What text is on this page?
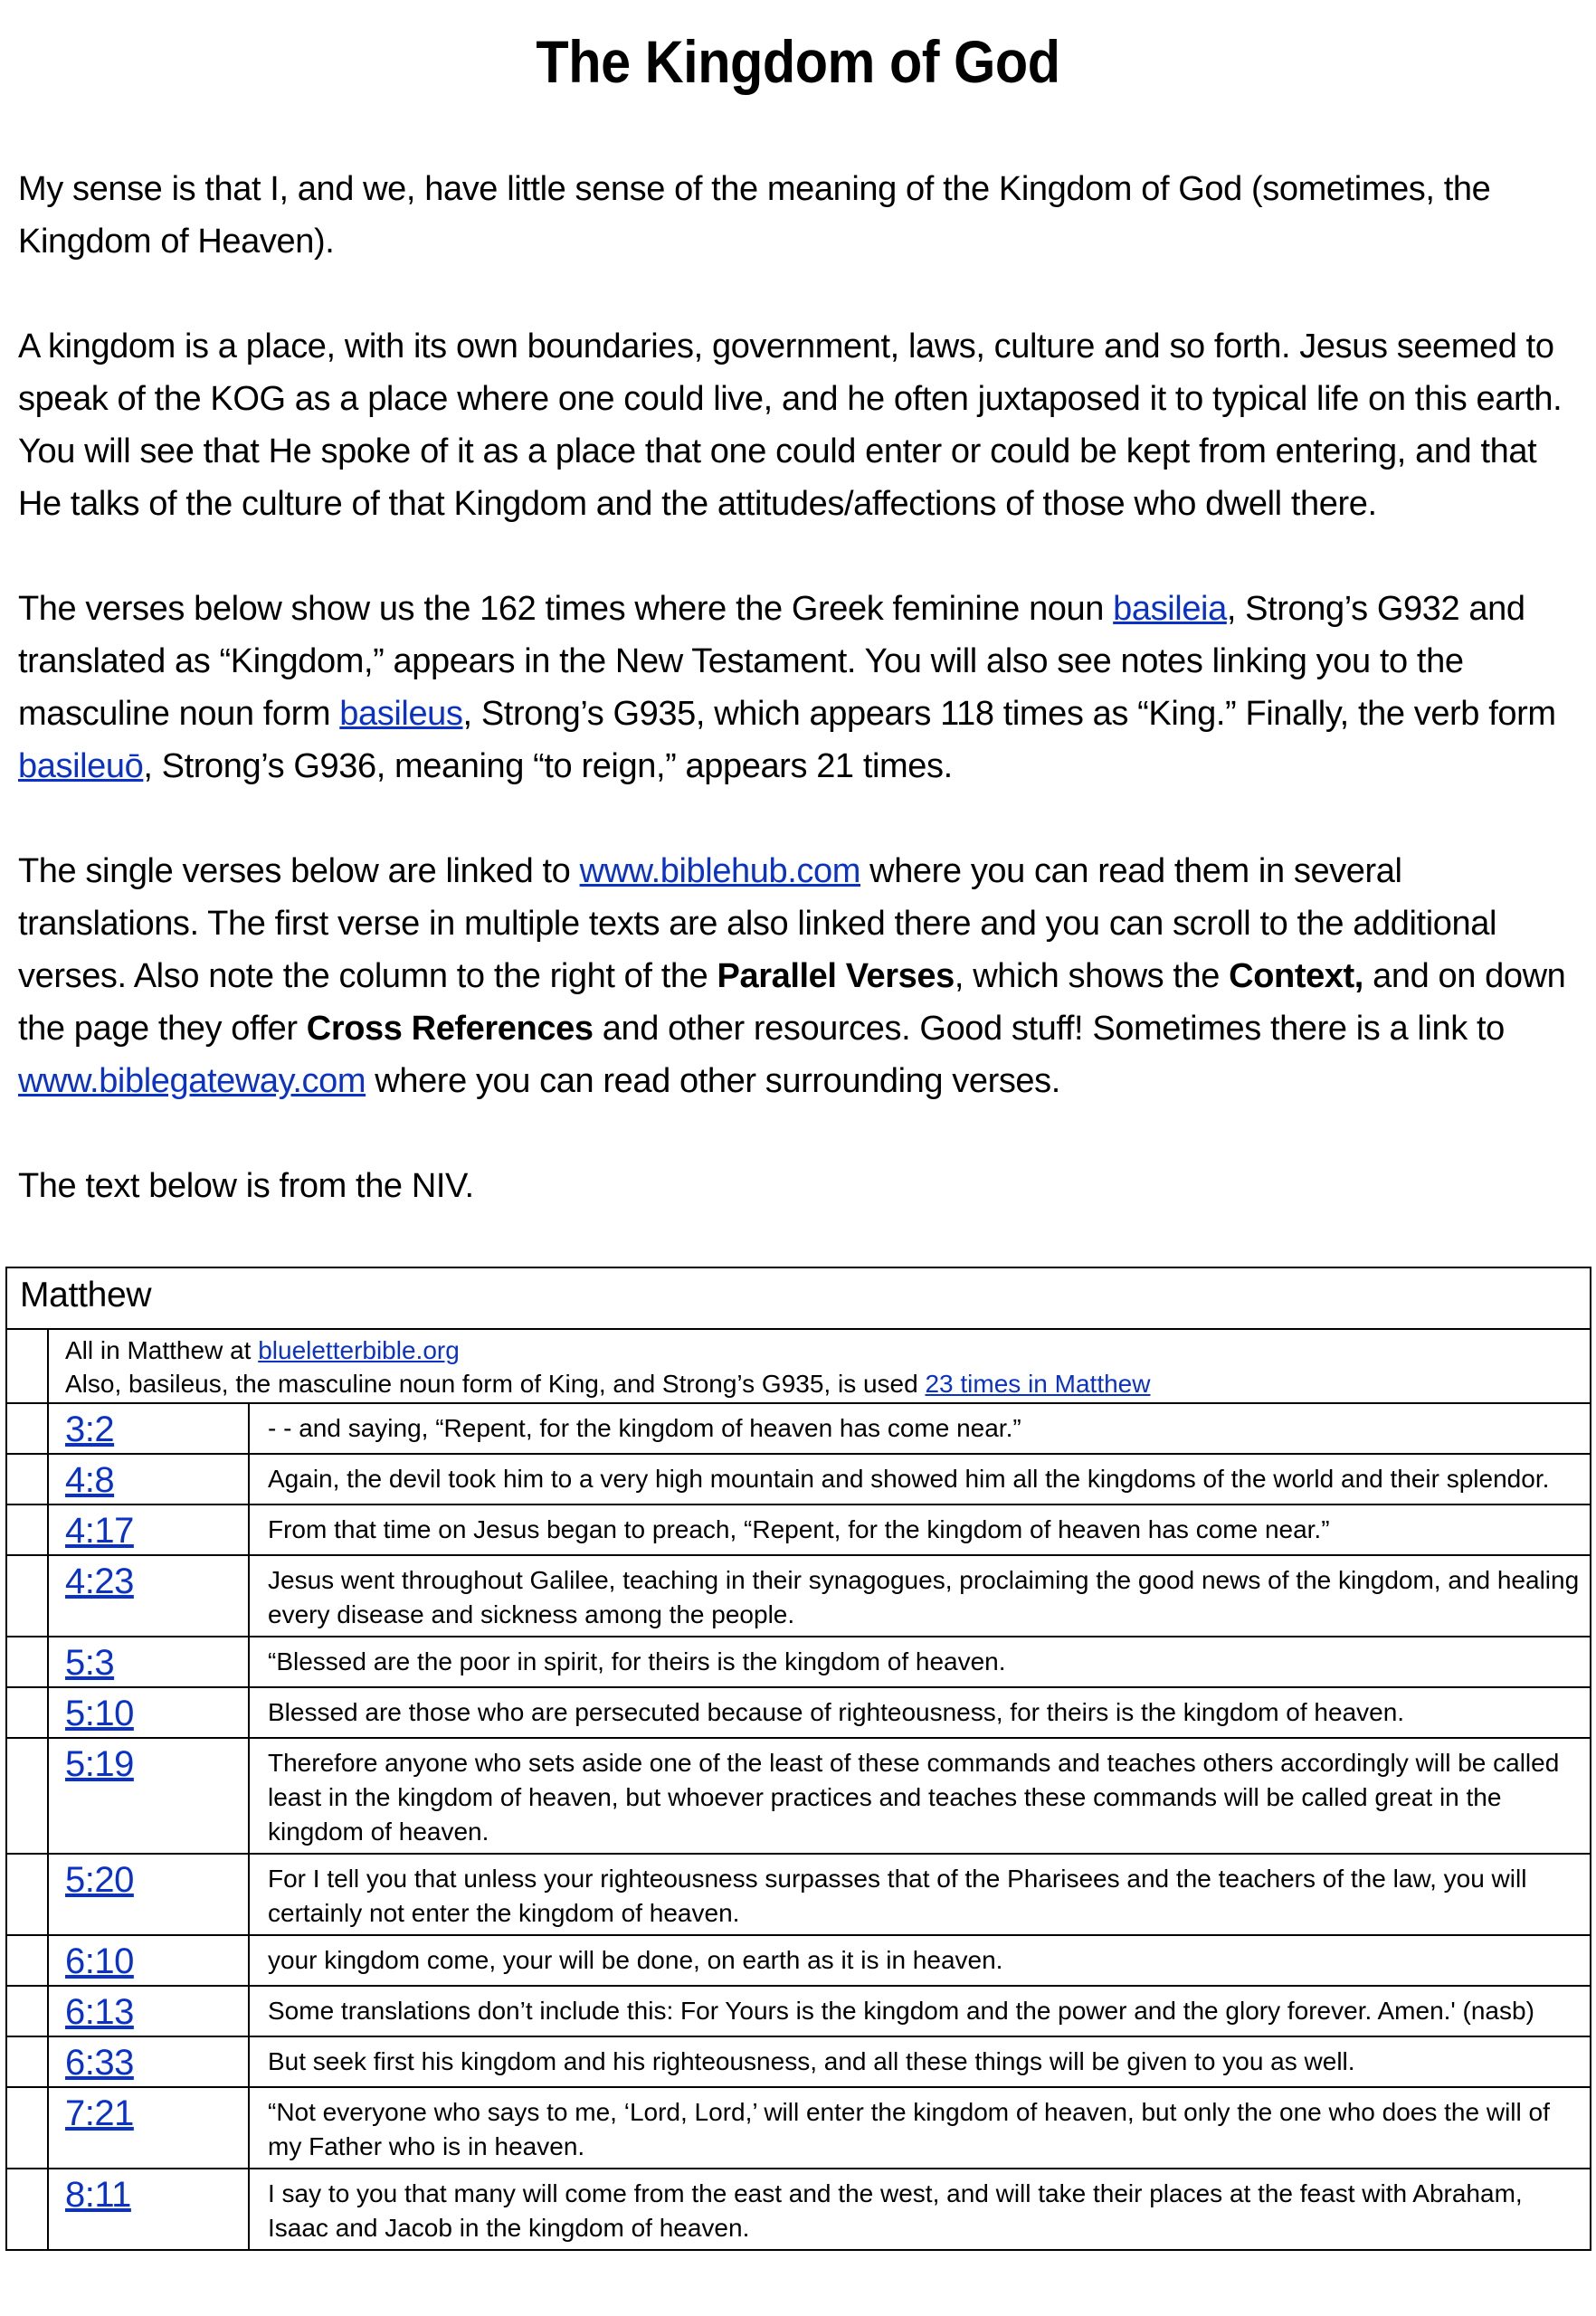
The Kingdom of God

My sense is that I, and we, have little sense of the meaning of the Kingdom of God (sometimes, the Kingdom of Heaven).

A kingdom is a place, with its own boundaries, government, laws, culture and so forth. Jesus seemed to speak of the KOG as a place where one could live, and he often juxtaposed it to typical life on this earth. You will see that He spoke of it as a place that one could enter or could be kept from entering, and that He talks of the culture of that Kingdom and the attitudes/affections of those who dwell there.

The verses below show us the 162 times where the Greek feminine noun basileia, Strong’s G932 and translated as “Kingdom,” appears in the New Testament. You will also see notes linking you to the masculine noun form basileus, Strong’s G935, which appears 118 times as “King.” Finally, the verb form basileuō, Strong’s G936, meaning “to reign,” appears 21 times.

The single verses below are linked to www.biblehub.com where you can read them in several translations. The first verse in multiple texts are also linked there and you can scroll to the additional verses. Also note the column to the right of the Parallel Verses, which shows the Context, and on down the page they offer Cross References and other resources. Good stuff! Sometimes there is a link to www.biblegateway.com where you can read other surrounding verses.

The text below is from the NIV.

Matthew		

	All in Matthew at blueletterbible.org
Also, basileus, the masculine noun form of King, and Strong’s G935, is used 23 times in Matthew	

	3:2	- - and saying, “Repent, for the kingdom of heaven has come near.”
	4:8	Again, the devil took him to a very high mountain and showed him all the kingdoms of the world and their splendor.
	4:17	From that time on Jesus began to preach, “Repent, for the kingdom of heaven has come near.”
	4:23	Jesus went throughout Galilee, teaching in their synagogues, proclaiming the good news of the kingdom, and healing every disease and sickness among the people.
	5:3	“Blessed are the poor in spirit, for theirs is the kingdom of heaven.
	5:10	Blessed are those who are persecuted because of righteousness, for theirs is the kingdom of heaven.
	5:19	Therefore anyone who sets aside one of the least of these commands and teaches others accordingly will be called least in the kingdom of heaven, but whoever practices and teaches these commands will be called great in the kingdom of heaven.
	5:20	For I tell you that unless your righteousness surpasses that of the Pharisees and the teachers of the law, you will certainly not enter the kingdom of heaven.
	6:10	your kingdom come, your will be done, on earth as it is in heaven.
	6:13	Some translations don’t include this: For Yours is the kingdom and the power and the glory forever. Amen.' (nasb)
	6:33	But seek first his kingdom and his righteousness, and all these things will be given to you as well.
	7:21	“Not everyone who says to me, ‘Lord, Lord,’ will enter the kingdom of heaven, but only the one who does the will of my Father who is in heaven.
	8:11	I say to you that many will come from the east and the west, and will take their places at the feast with Abraham, Isaac and Jacob in the kingdom of heaven.
